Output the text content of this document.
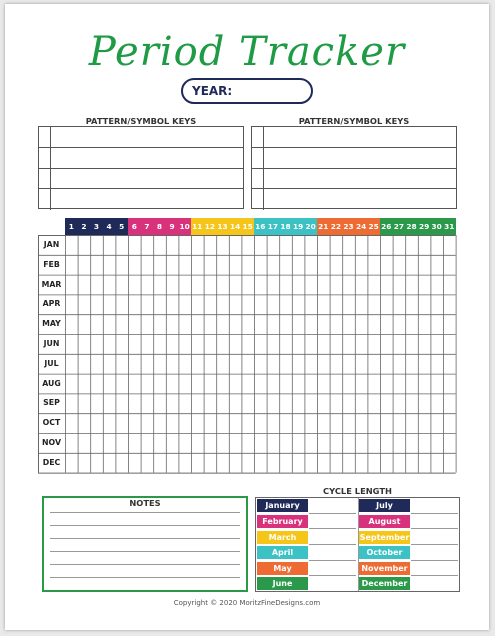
Period Tracker
YEAR:
PATTERN/SYMBOL KEYS	PATTERN/SYMBOL KEYS
1	2	3	4	5	6	7	8	9 10 11 12 13 14 15 16 17 18 19 20 21 22 23 24 25 26 27 28 29 30 31
JAN
FEB
MAR
APR
MAY
JUN
JUL
AUG
SEP
OCT
NOV
DEC
NOTES
CYCLE LENGTH
January
February
March
April
May
June
July
August
September
October
November
December
Copyright © 2020 MoritzFineDesigns.com
